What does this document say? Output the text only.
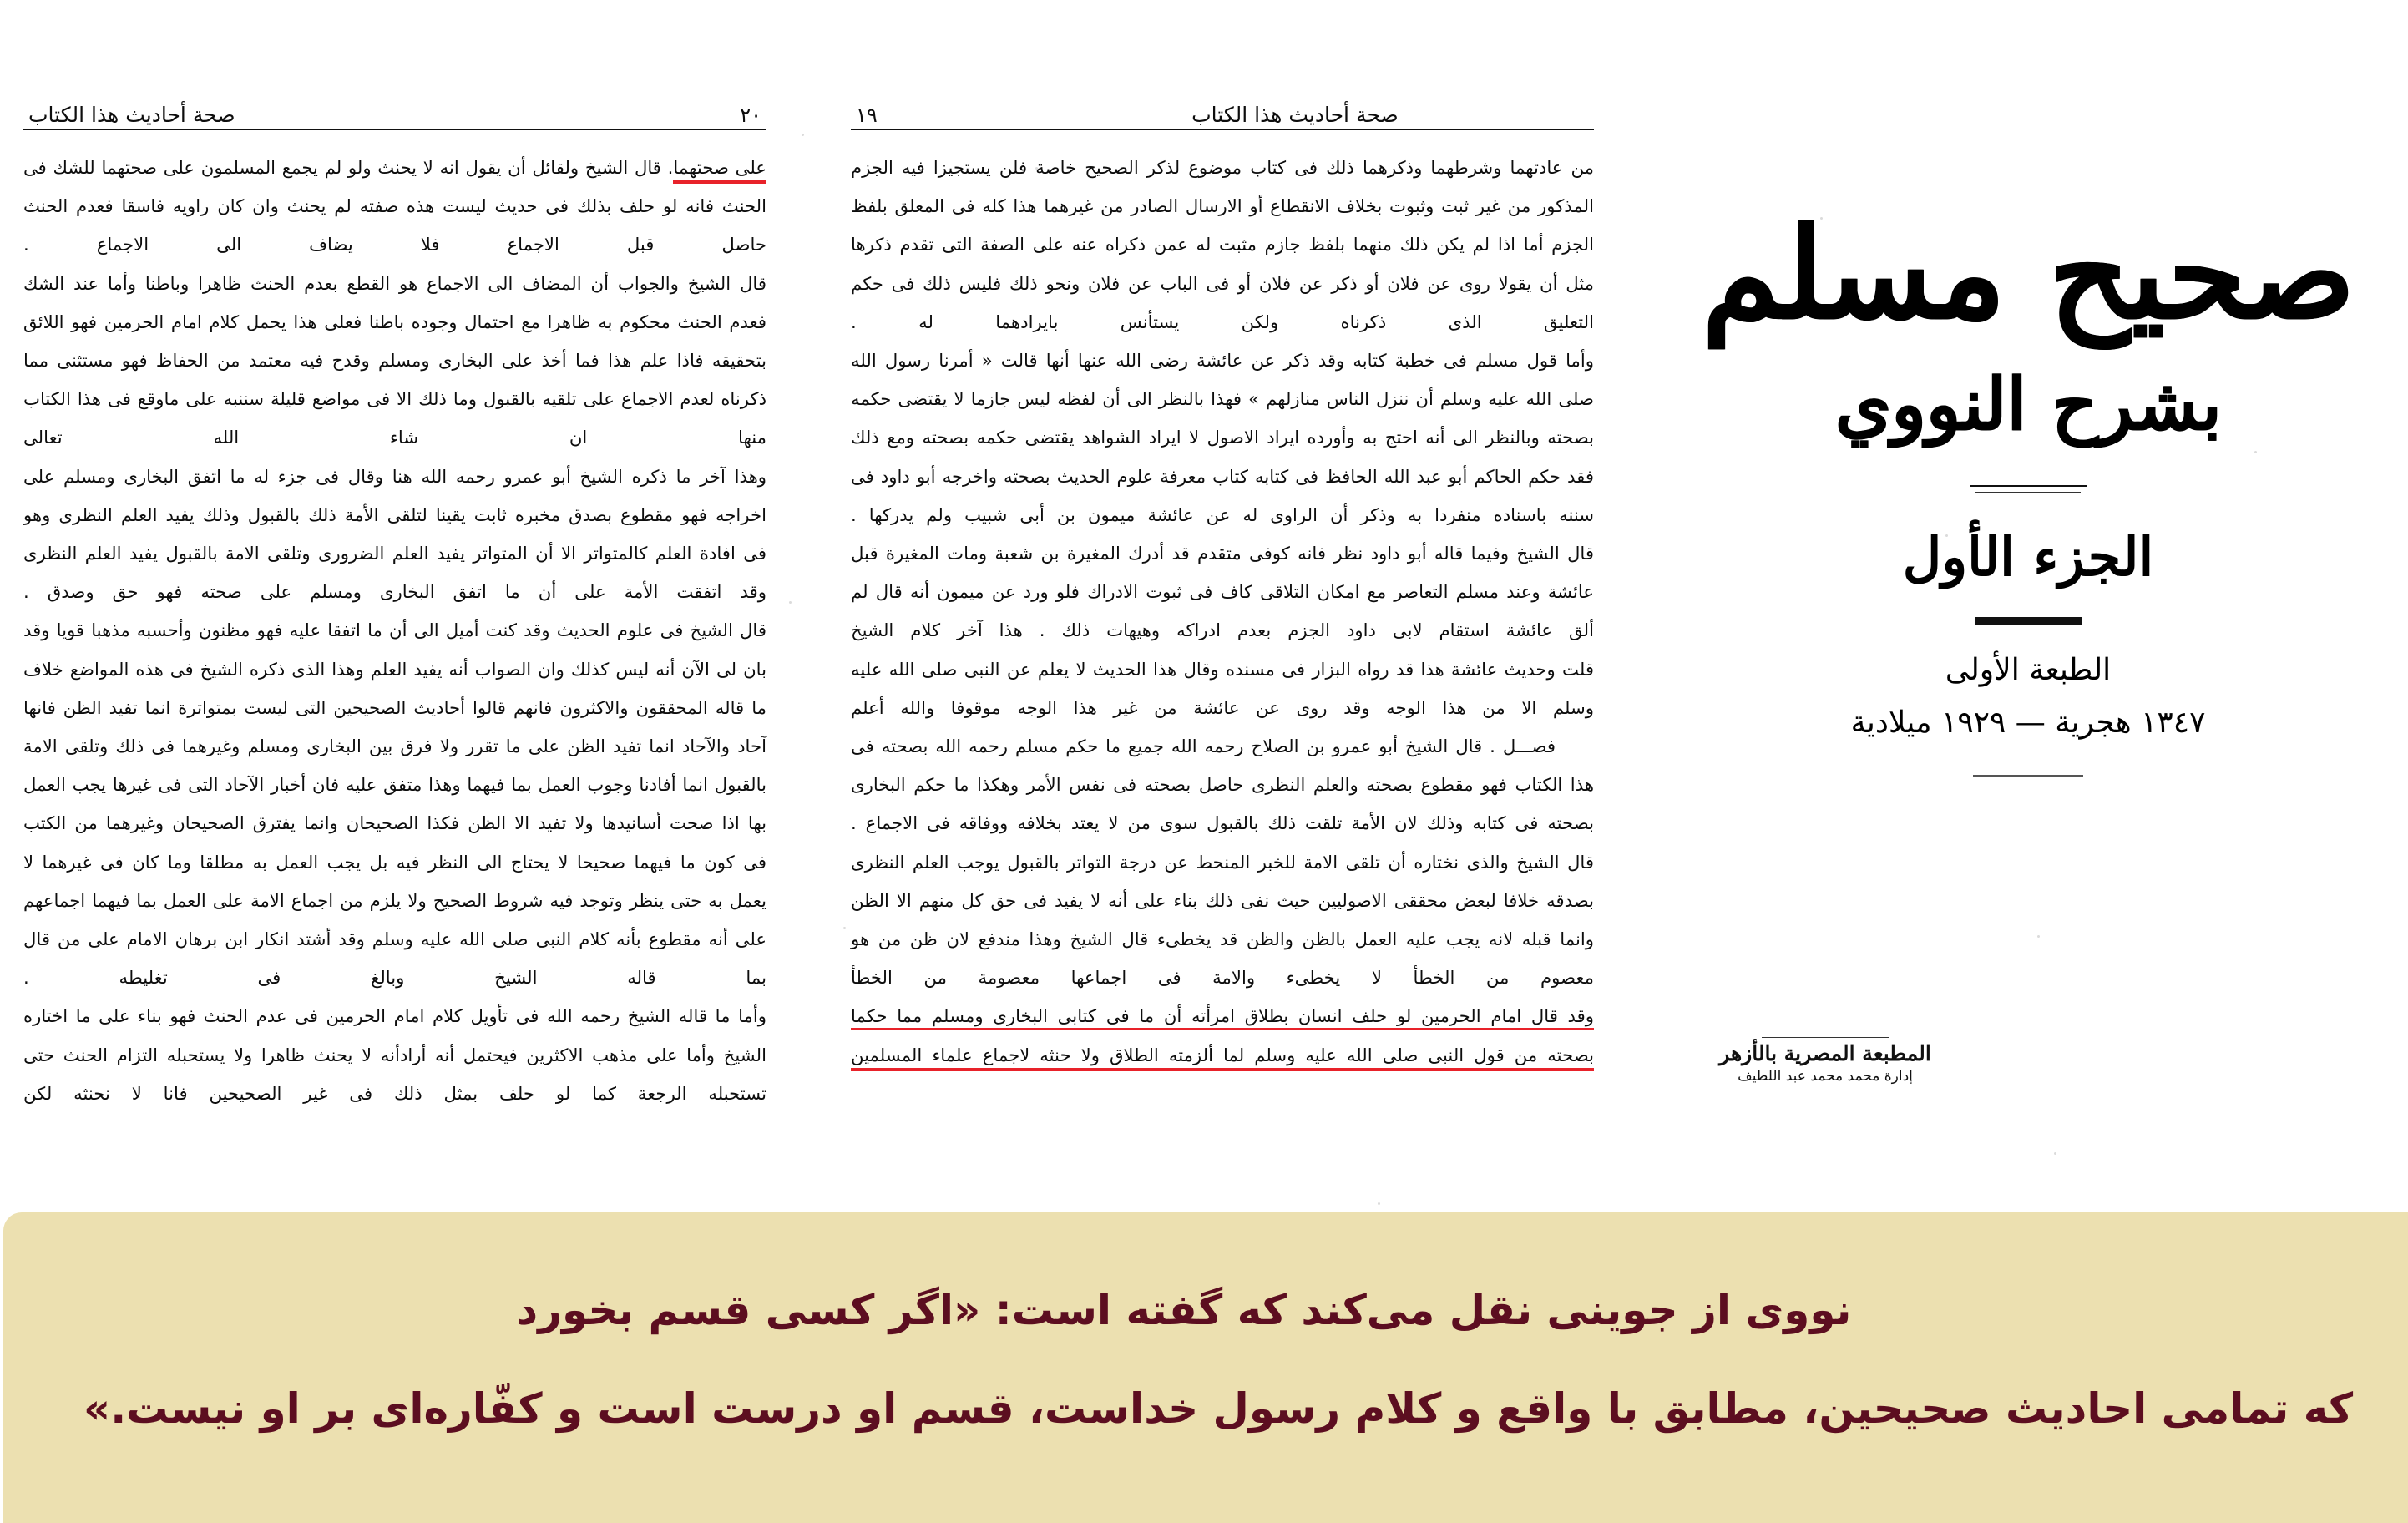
صحة أحاديث هذا الكتاب
١٩

من عادتهما وشرطهما وذكرهما ذلك فى كتاب موضوع لذكر الصحيح خاصة فلن يستجيزا فيه الجزم المذكور من غير ثبت وثبوت بخلاف الانقطاع أو الارسال الصادر من غيرهما هذا كله فى المعلق بلفظ الجزم أما اذا لم يكن ذلك منهما بلفظ جازم مثبت له عمن ذكراه عنه على الصفة التى تقدم ذكرها مثل أن يقولا روى عن فلان أو ذكر عن فلان أو فى الباب عن فلان ونحو ذلك فليس ذلك فى حكم التعليق الذى ذكرناه ولكن يستأنس بايرادهما له .

وأما قول مسلم فى خطبة كتابه وقد ذكر عن عائشة رضى الله عنها أنها قالت « أمرنا رسول الله صلى الله عليه وسلم أن ننزل الناس منازلهم » فهذا بالنظر الى أن لفظه ليس جازما لا يقتضى حكمه بصحته وبالنظر الى أنه احتج به وأورده ايراد الاصول لا ايراد الشواهد يقتضى حكمه بصحته ومع ذلك فقد حكم الحاكم أبو عبد الله الحافظ فى كتابه كتاب معرفة علوم الحديث بصحته واخرجه أبو داود فى سننه باسناده منفردا به وذكر أن الراوى له عن عائشة ميمون بن أبى شبيب ولم يدركها .

قال الشيخ وفيما قاله أبو داود نظر فانه كوفى متقدم قد أدرك المغيرة بن شعبة ومات المغيرة قبل عائشة وعند مسلم التعاصر مع امكان التلاقى كاف فى ثبوت الادراك فلو ورد عن ميمون أنه قال لم ألق عائشة استقام لابى داود الجزم بعدم ادراكه وهيهات ذلك . هذا آخر كلام الشيخ

قلت وحديث عائشة هذا قد رواه البزار فى مسنده وقال هذا الحديث لا يعلم عن النبى صلى الله عليه وسلم الا من هذا الوجه وقد روى عن عائشة من غير هذا الوجه موقوفا والله أعلم

فصـــل . قال الشيخ أبو عمرو بن الصلاح رحمه الله جميع ما حكم مسلم رحمه الله بصحته فى هذا الكتاب فهو مقطوع بصحته والعلم النظرى حاصل بصحته فى نفس الأمر وهكذا ما حكم البخارى بصحته فى كتابه وذلك لان الأمة تلقت ذلك بالقبول سوى من لا يعتد بخلافه ووفاقه فى الاجماع .

قال الشيخ والذى نختاره أن تلقى الامة للخبر المنحط عن درجة التواتر بالقبول يوجب العلم النظرى بصدقه خلافا لبعض محققى الاصوليين حيث نفى ذلك بناء على أنه لا يفيد فى حق كل منهم الا الظن وانما قبله لانه يجب عليه العمل بالظن والظن قد يخطىء قال الشيخ وهذا مندفع لان ظن من هو معصوم من الخطأ لا يخطىء والامة فى اجماعها معصومة من الخطأ

وقد قال امام الحرمين لو حلف انسان بطلاق امرأته أن ما فى كتابى البخارى ومسلم مما حكما

بصحته من قول النبى صلى الله عليه وسلم لما ألزمته الطلاق ولا حنثه لاجماع علماء المسلمين

٢٠
صحة أحاديث هذا الكتاب

على صحتهما. قال الشيخ ولقائل أن يقول انه لا يحنث ولو لم يجمع المسلمون على صحتهما للشك فى الحنث فانه لو حلف بذلك فى حديث ليست هذه صفته لم يحنث وان كان راويه فاسقا فعدم الحنث حاصل قبل الاجماع فلا يضاف الى الاجماع .

قال الشيخ والجواب أن المضاف الى الاجماع هو القطع بعدم الحنث ظاهرا وباطنا وأما عند الشك فعدم الحنث محكوم به ظاهرا مع احتمال وجوده باطنا فعلى هذا يحمل كلام امام الحرمين فهو اللائق بتحقيقه فاذا علم هذا فما أخذ على البخارى ومسلم وقدح فيه معتمد من الحفاظ فهو مستثنى مما ذكرناه لعدم الاجماع على تلقيه بالقبول وما ذلك الا فى مواضع قليلة سننبه على ماوقع فى هذا الكتاب منها ان شاء الله تعالى

وهذا آخر ما ذكره الشيخ أبو عمرو رحمه الله هنا وقال فى جزء له ما اتفق البخارى ومسلم على اخراجه فهو مقطوع بصدق مخبره ثابت يقينا لتلقى الأمة ذلك بالقبول وذلك يفيد العلم النظرى وهو فى افادة العلم كالمتواتر الا أن المتواتر يفيد العلم الضرورى وتلقى الامة بالقبول يفيد العلم النظرى وقد اتفقت الأمة على أن ما اتفق البخارى ومسلم على صحته فهو حق وصدق .

قال الشيخ فى علوم الحديث وقد كنت أميل الى أن ما اتفقا عليه فهو مظنون وأحسبه مذهبا قويا وقد بان لى الآن أنه ليس كذلك وان الصواب أنه يفيد العلم وهذا الذى ذكره الشيخ فى هذه المواضع خلاف ما قاله المحققون والاكثرون فانهم قالوا أحاديث الصحيحين التى ليست بمتواترة انما تفيد الظن فانها آحاد والآحاد انما تفيد الظن على ما تقرر ولا فرق بين البخارى ومسلم وغيرهما فى ذلك وتلقى الامة بالقبول انما أفادنا وجوب العمل بما فيهما وهذا متفق عليه فان أخبار الآحاد التى فى غيرها يجب العمل بها اذا صحت أسانيدها ولا تفيد الا الظن فكذا الصحيحان وانما يفترق الصحيحان وغيرهما من الكتب فى كون ما فيهما صحيحا لا يحتاج الى النظر فيه بل يجب العمل به مطلقا وما كان فى غيرهما لا يعمل به حتى ينظر وتوجد فيه شروط الصحيح ولا يلزم من اجماع الامة على العمل بما فيهما اجماعهم على أنه مقطوع بأنه كلام النبى صلى الله عليه وسلم وقد أشتد انكار ابن برهان الامام على من قال بما قاله الشيخ وبالغ فى تغليطه .

وأما ما قاله الشيخ رحمه الله فى تأويل كلام امام الحرمين فى عدم الحنث فهو بناء على ما اختاره الشيخ وأما على مذهب الاكثرين فيحتمل أنه أرادأنه لا يحنث ظاهرا ولا يستحبله التزام الحنث حتى تستحبله الرجعة كما لو حلف بمثل ذلك فى غير الصحيحين فانا لا نحنثه لكن

صحيح مسلم
بشرح النووي
الجزء الأول
الطبعة الأولى
١٣٤٧ هجرية — ١٩٢٩ ميلادية
المطبعة المصرية بالأزهر
إدارة محمد محمد عبد اللطيف
نووی از جوینی نقل می‌کند که گفته است: «اگر کسی قسم بخورد
که تمامی احادیث صحیحین، مطابق با واقع و کلام رسول خداست، قسم او درست است و کفّاره‌ای بر او نیست.»
